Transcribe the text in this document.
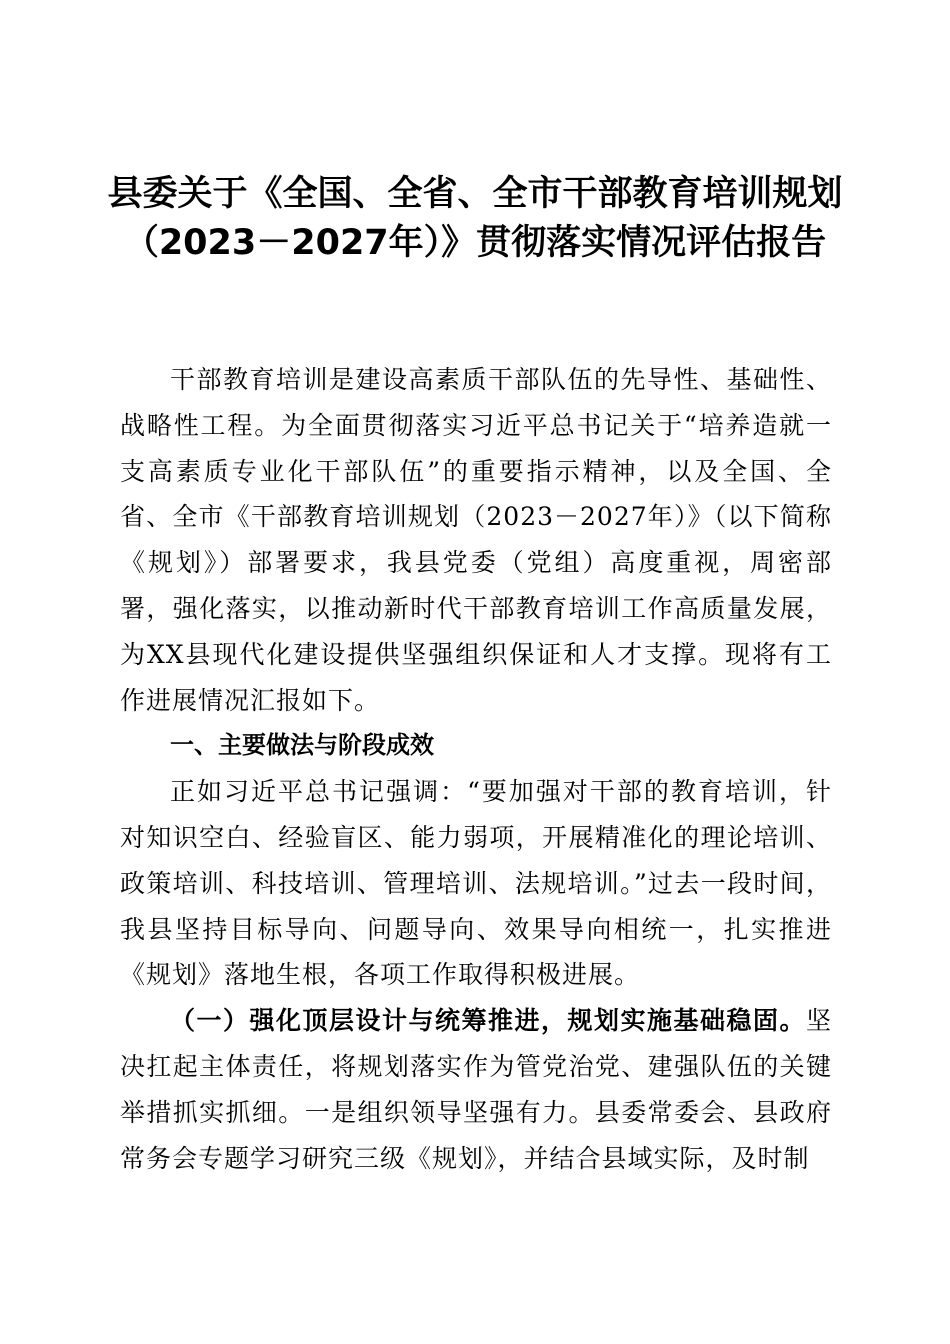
县委关于《全国、全省、全市干部教育培训规划（2023－2027年）》贯彻落实情况评估报告

干部教育培训是建设高素质干部队伍的先导性、基础性、战略性工程。为全面贯彻落实习近平总书记关于“培养造就一支高素质专业化干部队伍”的重要指示精神，以及全国、全省、全市《干部教育培训规划（2023－2027年）》（以下简称《规划》）部署要求，我县党委（党组）高度重视，周密部署，强化落实，以推动新时代干部教育培训工作高质量发展，为XX县现代化建设提供坚强组织保证和人才支撑。现将有工作进展情况汇报如下。

一、主要做法与阶段成效

正如习近平总书记强调：“要加强对干部的教育培训，针对知识空白、经验盲区、能力弱项，开展精准化的理论培训、政策培训、科技培训、管理培训、法规培训。”过去一段时间，我县坚持目标导向、问题导向、效果导向相统一，扎实推进《规划》落地生根，各项工作取得积极进展。

（一）强化顶层设计与统筹推进，规划实施基础稳固。坚决扛起主体责任，将规划落实作为管党治党、建强队伍的关键举措抓实抓细。一是组织领导坚强有力。县委常委会、县政府常务会专题学习研究三级《规划》，并结合县域实际，及时制
